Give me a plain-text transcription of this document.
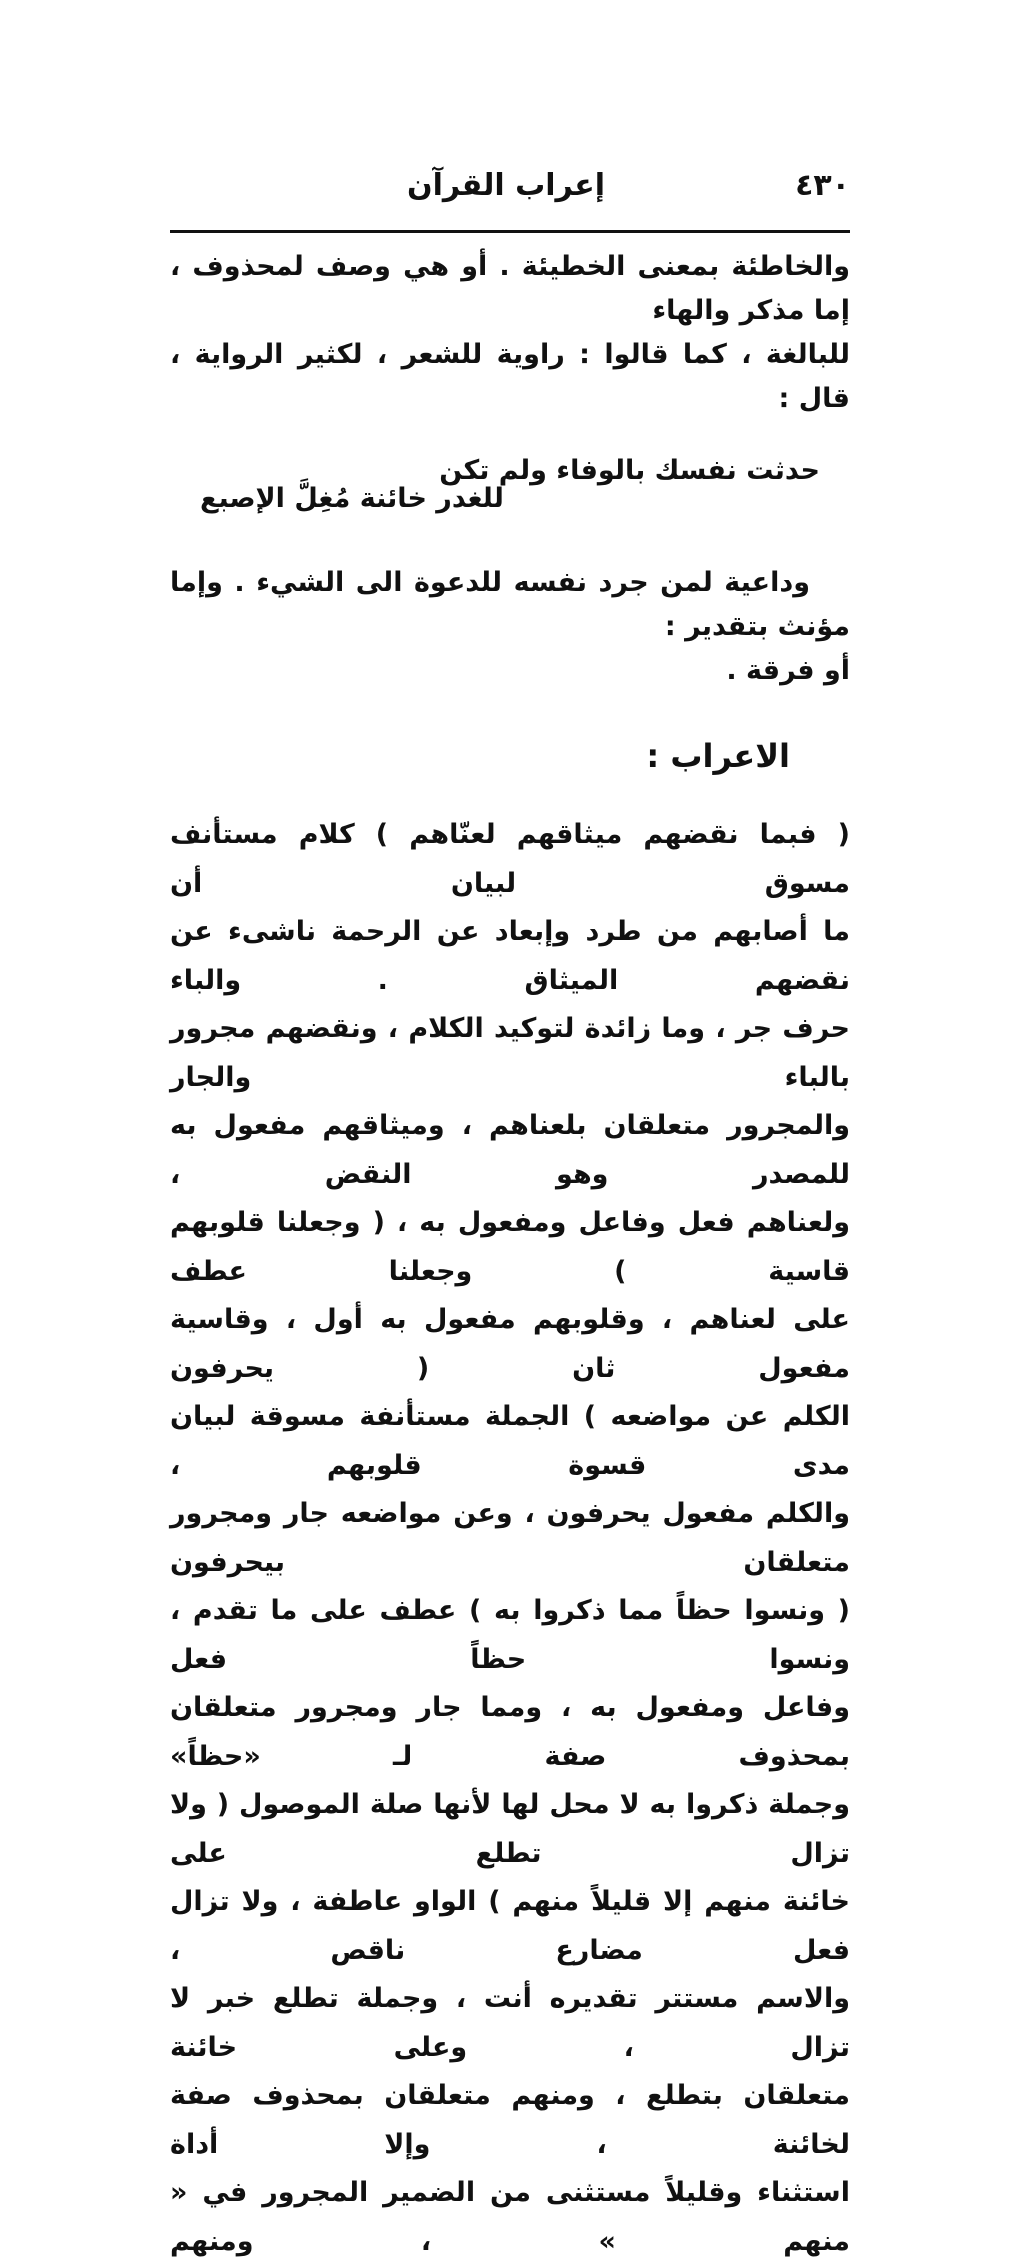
٤٣٠
إعراب القرآن

والخاطئة بمعنى الخطيئة . أو هي وصف لمحذوف ، إما مذكر والهاء

للبالغة ، كما قالوا : راوية للشعر ، لكثير الرواية ، قال :

حدثت نفسك بالوفاء ولم تكن
للغدر خائنة مُغِلَّ الإصبع

وداعية لمن جرد نفسه للدعوة الى الشيء . وإما مؤنث بتقدير :

أو فرقة .

الاعراب :

( فبما نقضهم ميثاقهم لعنّاهم ) كلام مستأنف مسوق لبيان أن

ما أصابهم من طرد وإبعاد عن الرحمة ناشىء عن نقضهم الميثاق . والباء

حرف جر ، وما زائدة لتوكيد الكلام ، ونقضهم مجرور بالباء والجار

والمجرور متعلقان بلعناهم ، وميثاقهم مفعول به للمصدر وهو النقض ،

ولعناهم فعل وفاعل ومفعول به ، ( وجعلنا قلوبهم قاسية ) وجعلنا عطف

على لعناهم ، وقلوبهم مفعول به أول ، وقاسية مفعول ثان ( يحرفون

الكلم عن مواضعه ) الجملة مستأنفة مسوقة لبيان مدى قسوة قلوبهم ،

والكلم مفعول يحرفون ، وعن مواضعه جار ومجرور متعلقان بيحرفون

( ونسوا حظاً مما ذكروا به ) عطف على ما تقدم ، ونسوا حظاً فعل

وفاعل ومفعول به ، ومما جار ومجرور متعلقان بمحذوف صفة لـ «حظاً»

وجملة ذكروا به لا محل لها لأنها صلة الموصول ( ولا تزال تطلع على

خائنة منهم إلا قليلاً منهم ) الواو عاطفة ، ولا تزال فعل مضارع ناقص ،

والاسم مستتر تقديره أنت ، وجملة تطلع خبر لا تزال ، وعلى خائنة

متعلقان بتطلع ، ومنهم متعلقان بمحذوف صفة لخائنة ، وإلا أداة

استثناء وقليلاً مستثنى من الضمير المجرور في « منهم » ، ومنهم
